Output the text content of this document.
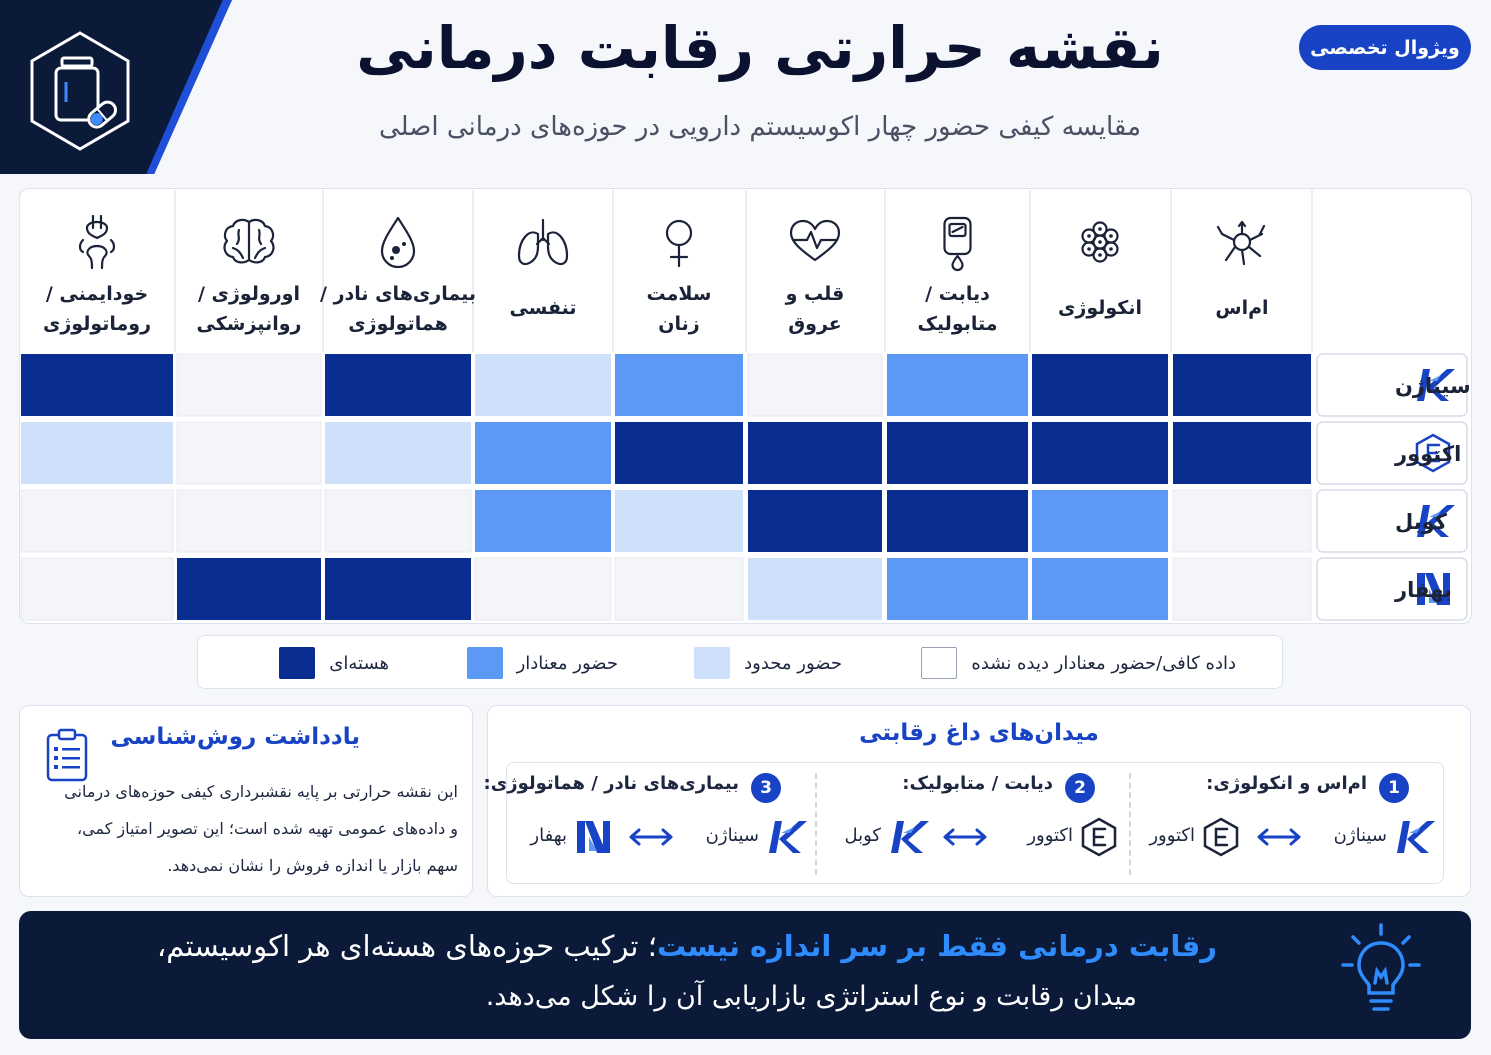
ویژوال تخصصی
نقشه حرارتی رقابت درمانی
مقایسه کیفی حضور چهار اکوسیستم دارویی در حوزه‌های درمانی اصلی
ام‌اس
انکولوژی
دیابت / متابولیک
قلب و عروق
سلامت زنان
تنفسی
بیماری‌های نادر / هماتولوژی
اورولوژی / روانپزشکی
خودایمنی / روماتولوژی
سیناژن
اکتوور
کوبل
بهفار
داده کافی/حضور معنادار دیده نشده
حضور محدود
حضور معنادار
هسته‌ای
یادداشت روش‌شناسی
این نقشه حرارتی بر پایه نقشبرداری کیفی حوزه‌های درمانی
و داده‌های عمومی تهیه شده است؛ این تصویر امتیاز کمی،
سهم بازار یا اندازه فروش را نشان نمی‌دهد.
میدان‌های داغ رقابتی
1
ام‌اس و انکولوژی:
سیناژن
اکتوور
2
دیابت / متابولیک:
اکتوور
کوبل
3
بیماری‌های نادر / هماتولوژی:
سیناژن
بهفار
رقابت درمانی فقط بر سر اندازه نیست؛ ترکیب حوزه‌های هسته‌ای هر اکوسیستم،
میدان رقابت و نوع استراتژی بازاریابی آن را شکل می‌دهد.
